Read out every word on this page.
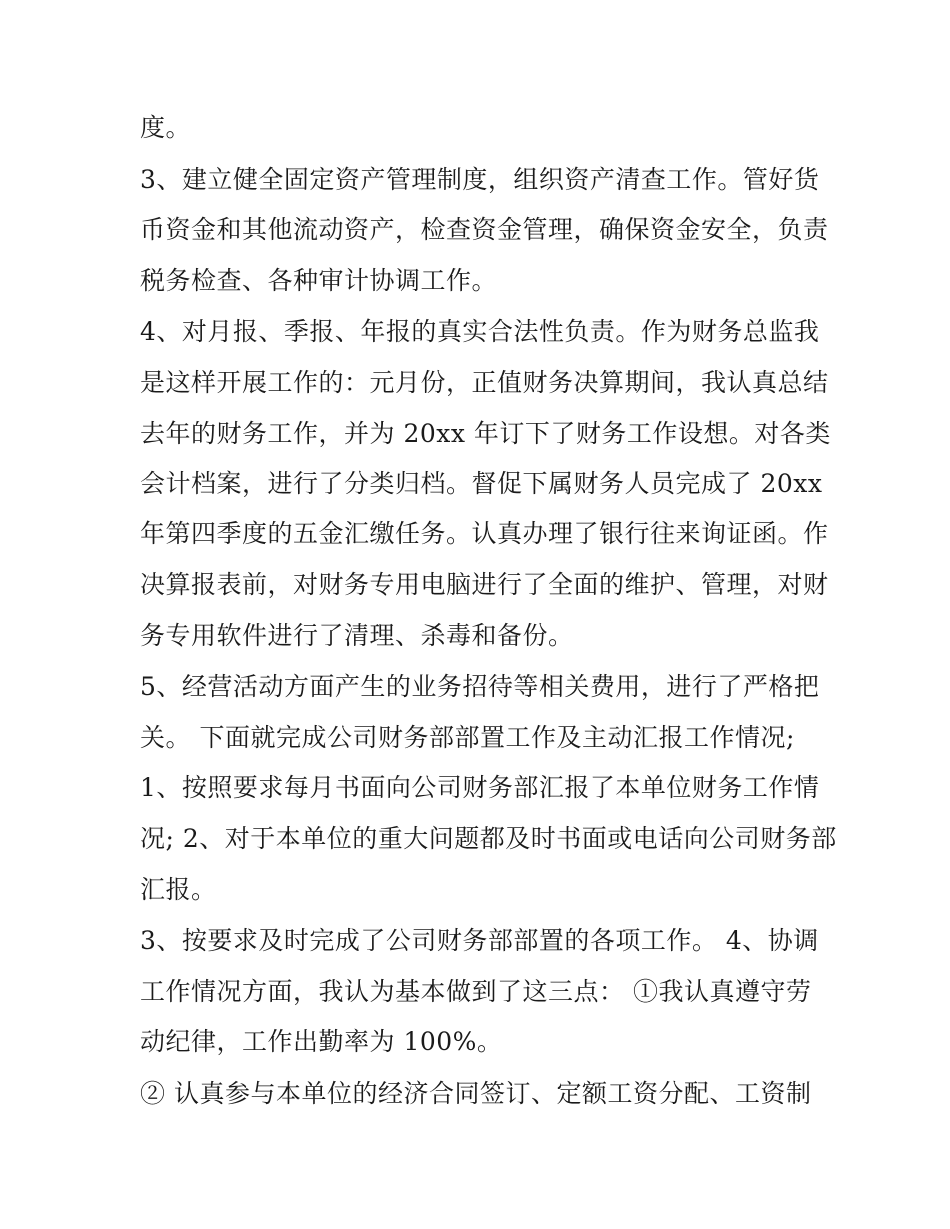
度。
3、建立健全固定资产管理制度，组织资产清查工作。管好货
币资金和其他流动资产，检查资金管理，确保资金安全，负责
税务检查、各种审计协调工作。
4、对月报、季报、年报的真实合法性负责。作为财务总监我
是这样开展工作的：元月份，正值财务决算期间，我认真总结
去年的财务工作，并为 20xx 年订下了财务工作设想。对各类
会计档案，进行了分类归档。督促下属财务人员完成了 20xx
年第四季度的五金汇缴任务。认真办理了银行往来询证函。作
决算报表前，对财务专用电脑进行了全面的维护、管理，对财
务专用软件进行了清理、杀毒和备份。
5、经营活动方面产生的业务招待等相关费用，进行了严格把
关。 下面就完成公司财务部部置工作及主动汇报工作情况;
1、按照要求每月书面向公司财务部汇报了本单位财务工作情
况; 2、对于本单位的重大问题都及时书面或电话向公司财务部
汇报。
3、按要求及时完成了公司财务部部置的各项工作。 4、协调
工作情况方面，我认为基本做到了这三点： ①我认真遵守劳
动纪律，工作出勤率为 100%。
② 认真参与本单位的经济合同签订、定额工资分配、工资制
